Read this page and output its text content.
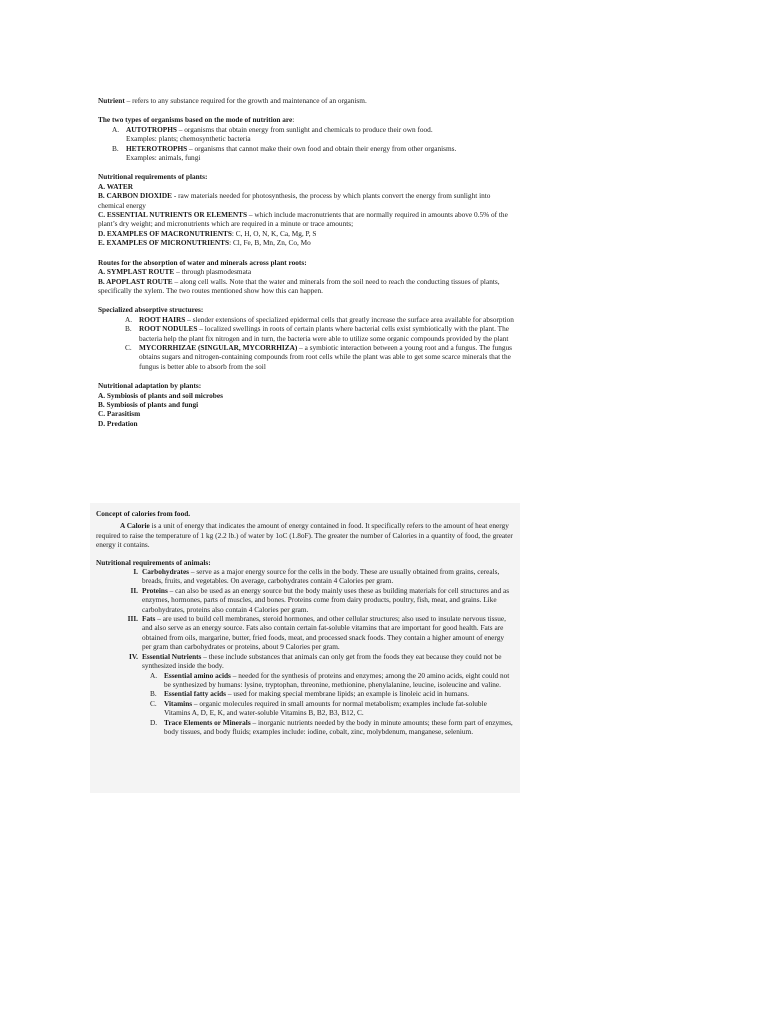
Nutrient – refers to any substance required for the growth and maintenance of an organism.
The two types of organisms based on the mode of nutrition are:
A. AUTOTROPHS – organisms that obtain energy from sunlight and chemicals to produce their own food.
Examples: plants; chemosynthetic bacteria
B. HETEROTROPHS – organisms that cannot make their own food and obtain their energy from other organisms.
Examples: animals, fungi
Nutritional requirements of plants:
A. WATER
B. CARBON DIOXIDE - raw materials needed for photosynthesis, the process by which plants convert the energy from sunlight into chemical energy
C. ESSENTIAL NUTRIENTS OR ELEMENTS – which include macronutrients that are normally required in amounts above 0.5% of the plant’s dry weight; and micronutrients which are required in a minute or trace amounts;
D. EXAMPLES OF MACRONUTRIENTS: C, H, O, N, K, Ca, Mg, P, S
E. EXAMPLES OF MICRONUTRIENTS: Cl, Fe, B, Mn, Zn, Co, Mo
Routes for the absorption of water and minerals across plant roots:
A. SYMPLAST ROUTE – through plasmodesmata
B. APOPLAST ROUTE – along cell walls. Note that the water and minerals from the soil need to reach the conducting tissues of plants, specifically the xylem. The two routes mentioned show how this can happen.
Specialized absorptive structures:
A. ROOT HAIRS – slender extensions of specialized epidermal cells that greatly increase the surface area available for absorption
B. ROOT NODULES – localized swellings in roots of certain plants where bacterial cells exist symbiotically with the plant. The bacteria help the plant fix nitrogen and in turn, the bacteria were able to utilize some organic compounds provided by the plant
C. MYCORRHIZAE (SINGULAR, MYCORRHIZA) – a symbiotic interaction between a young root and a fungus. The fungus obtains sugars and nitrogen-containing compounds from root cells while the plant was able to get some scarce minerals that the fungus is better able to absorb from the soil
Nutritional adaptation by plants:
A. Symbiosis of plants and soil microbes
B. Symbiosis of plants and fungi
C. Parasitism
D. Predation
Concept of calories from food.
A Calorie is a unit of energy that indicates the amount of energy contained in food. It specifically refers to the amount of heat energy required to raise the temperature of 1 kg (2.2 lb.) of water by 1oC (1.8oF). The greater the number of Calories in a quantity of food, the greater energy it contains.
Nutritional requirements of animals:
I. Carbohydrates – serve as a major energy source for the cells in the body. These are usually obtained from grains, cereals, breads, fruits, and vegetables. On average, carbohydrates contain 4 Calories per gram.
II. Proteins – can also be used as an energy source but the body mainly uses these as building materials for cell structures and as enzymes, hormones, parts of muscles, and bones. Proteins come from dairy products, poultry, fish, meat, and grains. Like carbohydrates, proteins also contain 4 Calories per gram.
III. Fats – are used to build cell membranes, steroid hormones, and other cellular structures; also used to insulate nervous tissue, and also serve as an energy source. Fats also contain certain fat-soluble vitamins that are important for good health. Fats are obtained from oils, margarine, butter, fried foods, meat, and processed snack foods. They contain a higher amount of energy per gram than carbohydrates or proteins, about 9 Calories per gram.
IV. Essential Nutrients – these include substances that animals can only get from the foods they eat because they could not be synthesized inside the body.
A. Essential amino acids – needed for the synthesis of proteins and enzymes; among the 20 amino acids, eight could not be synthesized by humans: lysine, tryptophan, threonine, methionine, phenylalanine, leucine, isoleucine and valine.
B. Essential fatty acids – used for making special membrane lipids; an example is linoleic acid in humans.
C. Vitamins – organic molecules required in small amounts for normal metabolism; examples include fat-soluble Vitamins A, D, E, K, and water-soluble Vitamins B, B2, B3, B12, C.
D. Trace Elements or Minerals – inorganic nutrients needed by the body in minute amounts; these form part of enzymes, body tissues, and body fluids; examples include: iodine, cobalt, zinc, molybdenum, manganese, selenium.
